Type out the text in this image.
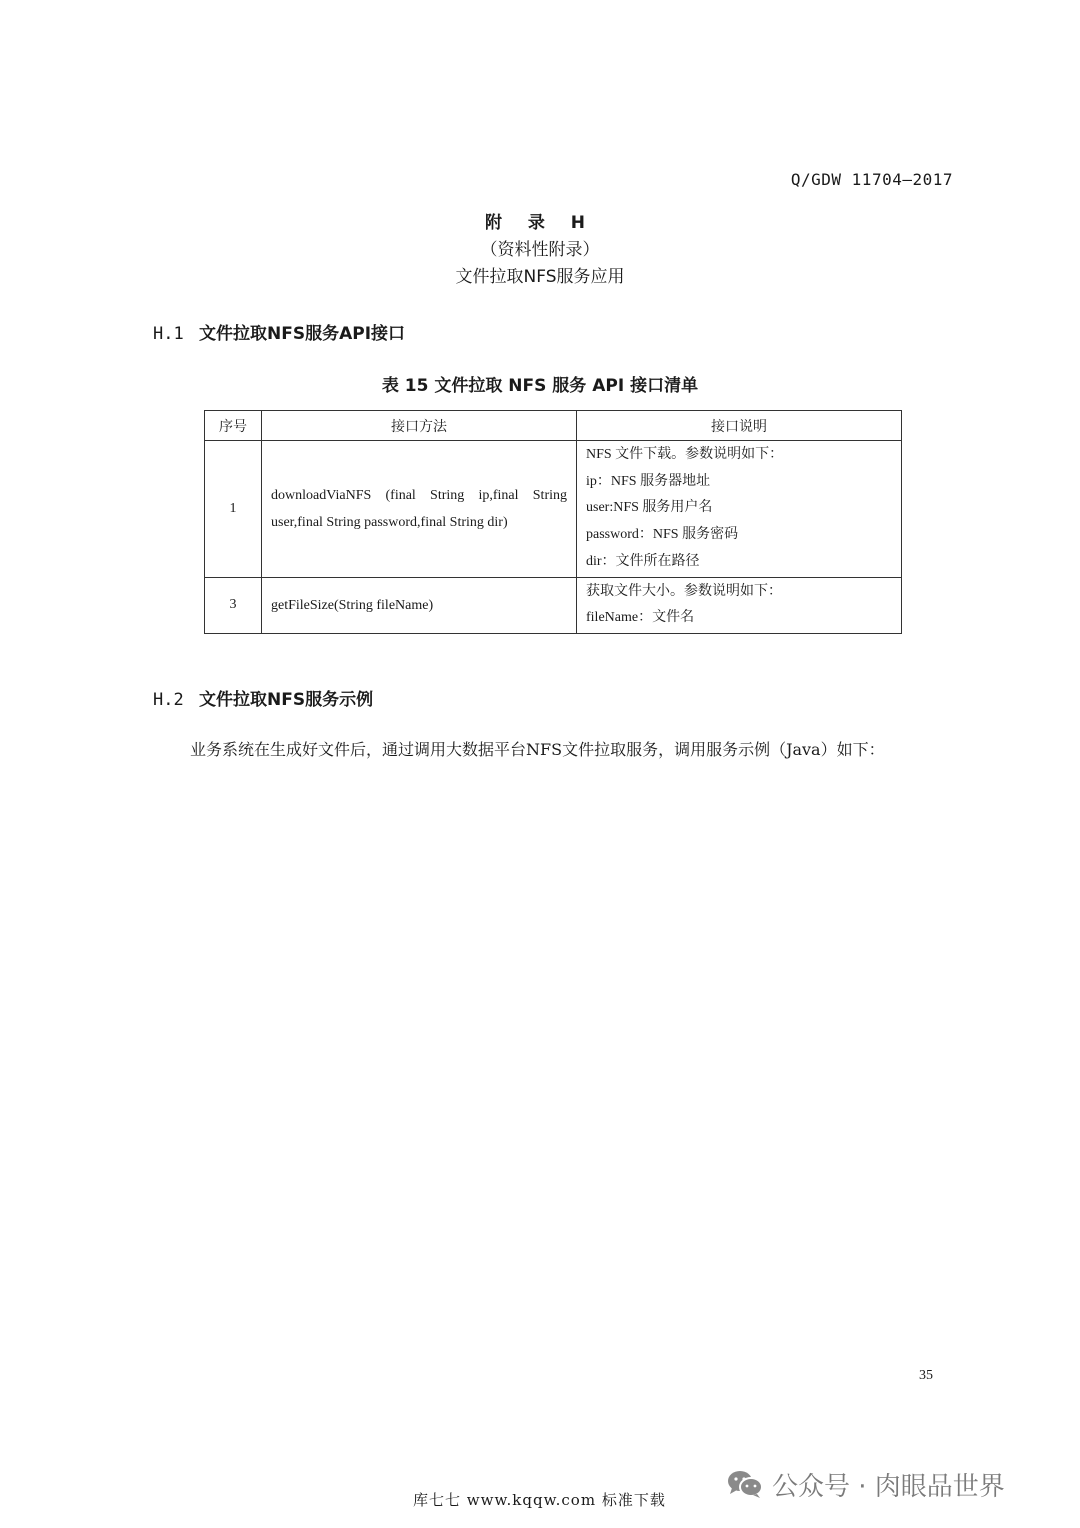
Q/GDW 11704—2017
附 录 H
（资料性附录）
文件拉取NFS服务应用
H.1 文件拉取NFS服务API接口
表 15 文件拉取 NFS 服务 API 接口清单
序号	接口方法	接口说明
1	downloadViaNFS (final String ip,final String user,final String password,final String dir)	NFS 文件下载。参数说明如下：
ip：NFS 服务器地址
user:NFS 服务用户名
password：NFS 服务密码
dir：文件所在路径

3	getFileSize(String fileName)	获取文件大小。参数说明如下：
fileName：文件名
H.2 文件拉取NFS服务示例
业务系统在生成好文件后，通过调用大数据平台NFS文件拉取服务，调用服务示例（Java）如下：
35
库七七 www.kqqw.com 标准下载	公众号 · 肉眼品世界
